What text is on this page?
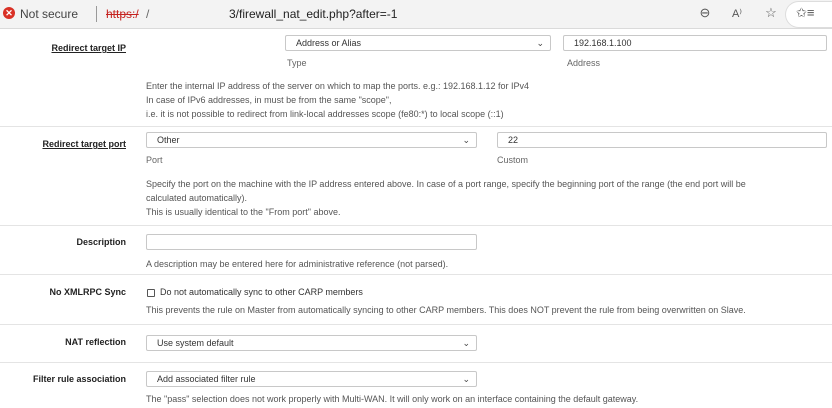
✕ Not secure https:/ /	3/firewall_nat_edit.php?after=-1	⊖	A⁾	☆ ✩≡
Redirect target IP	Address or Alias	⌄
Type
192.168.1.100
Address
Enter the internal IP address of the server on which to map the ports. e.g.: 192.168.1.12 for IPv4
In case of IPv6 addresses, in must be from the same "scope",
i.e. it is not possible to redirect from link-local addresses scope (fe80:*) to local scope (::1)
Redirect target port	Other	⌄
Port
22
Custom
Specify the port on the machine with the IP address entered above. In case of a port range, specify the beginning port of the range (the end port will be
calculated automatically).
This is usually identical to the "From port" above.
Description
A description may be entered here for administrative reference (not parsed).
No XMLRPC Sync	Do not automatically sync to other CARP members
This prevents the rule on Master from automatically syncing to other CARP members. This does NOT prevent the rule from being overwritten on Slave.
NAT reflection	Use system default	⌄
Filter rule association	Add associated filter rule	⌄
The "pass" selection does not work properly with Multi-WAN. It will only work on an interface containing the default gateway.
